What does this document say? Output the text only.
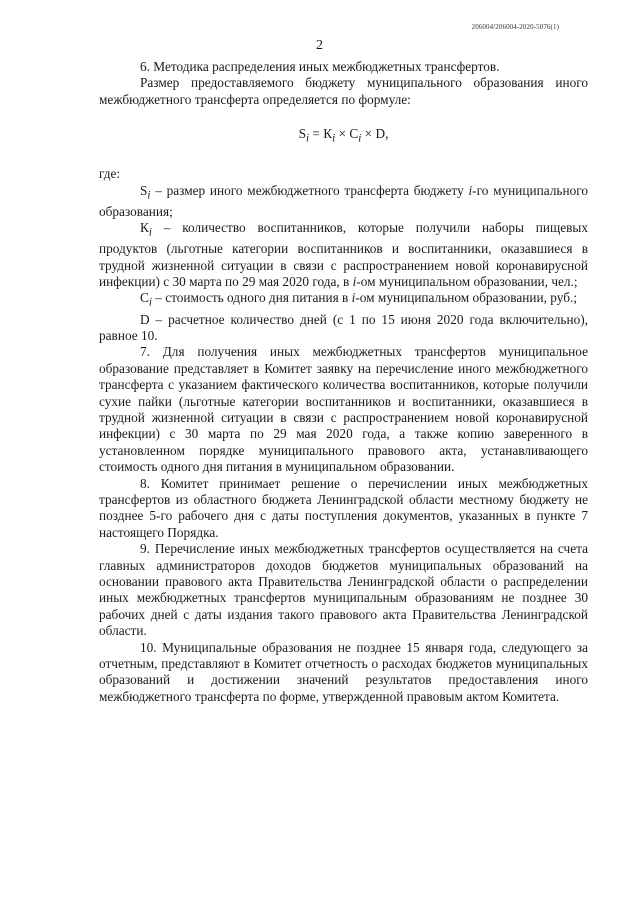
206004/206004-2020-5076(1)
2

6. Методика распределения иных межбюджетных трансфертов.

Размер предоставляемого бюджету муниципального образования иного межбюджетного трансферта определяется по формуле:

$S_i = К_i \times С_i \times D$,

где:

$S_i$ – размер иного межбюджетного трансферта бюджету i-го муниципального образования;

$К_i$ – количество воспитанников, которые получили наборы пищевых продуктов (льготные категории воспитанников и воспитанники, оказавшиеся в трудной жизненной ситуации в связи с распространением новой коронавирусной инфекции) с 30 марта по 29 мая 2020 года, в i-ом муниципальном образовании, чел.;

$С_i$ – стоимость одного дня питания в i-ом муниципальном образовании, руб.;

D – расчетное количество дней (с 1 по 15 июня 2020 года включительно), равное 10.

7. Для получения иных межбюджетных трансфертов муниципальное образование представляет в Комитет заявку на перечисление иного межбюджетного трансферта с указанием фактического количества воспитанников, которые получили сухие пайки (льготные категории воспитанников и воспитанники, оказавшиеся в трудной жизненной ситуации в связи с распространением новой коронавирусной инфекции) с 30 марта по 29 мая 2020 года, а также копию заверенного в установленном порядке муниципального правового акта, устанавливающего стоимость одного дня питания в муниципальном образовании.

8. Комитет принимает решение о перечислении иных межбюджетных трансфертов из областного бюджета Ленинградской области местному бюджету не позднее 5-го рабочего дня с даты поступления документов, указанных в пункте 7 настоящего Порядка.

9. Перечисление иных межбюджетных трансфертов осуществляется на счета главных администраторов доходов бюджетов муниципальных образований на основании правового акта Правительства Ленинградской области о распределении иных межбюджетных трансфертов муниципальным образованиям не позднее 30 рабочих дней с даты издания такого правового акта Правительства Ленинградской области.

10. Муниципальные образования не позднее 15 января года, следующего за отчетным, представляют в Комитет отчетность о расходах бюджетов муниципальных образований и достижении значений результатов предоставления иного межбюджетного трансферта по форме, утвержденной правовым актом Комитета.
